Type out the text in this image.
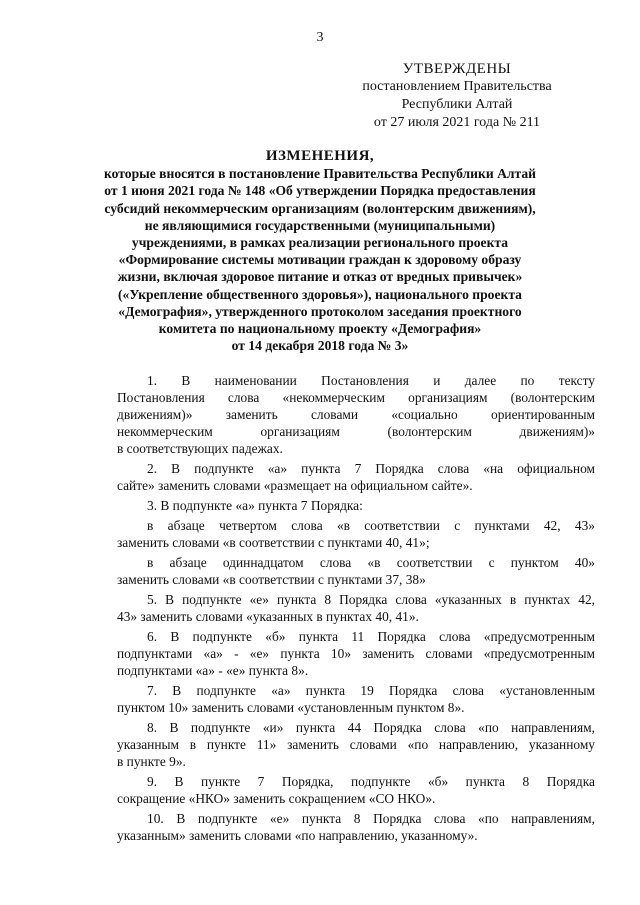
3
УТВЕРЖДЕНЫ
постановлением Правительства
Республики Алтай
от 27 июля 2021 года № 211
ИЗМЕНЕНИЯ,
которые вносятся в постановление Правительства Республики Алтай
от 1 июня 2021 года № 148 «Об утверждении Порядка предоставления
субсидий некоммерческим организациям (волонтерским движениям),
не являющимися государственными (муниципальными)
учреждениями, в рамках реализации регионального проекта
«Формирование системы мотивации граждан к здоровому образу
жизни, включая здоровое питание и отказ от вредных привычек»
(«Укрепление общественного здоровья»), национального проекта
«Демография», утвержденного протоколом заседания проектного
комитета по национальному проекту «Демография»
от 14 декабря 2018 года № 3»
1. В наименовании Постановления и далее по тексту
Постановления слова «некоммерческим организациям (волонтерским
движениям)» заменить словами «социально ориентированным
некоммерческим организациям (волонтерским движениям)»
в соответствующих падежах.
2. В подпункте «а» пункта 7 Порядка слова «на официальном
сайте» заменить словами «размещает на официальном сайте».
3. В подпункте «а» пункта 7 Порядка:
в абзаце четвертом слова «в соответствии с пунктами 42, 43»
заменить словами «в соответствии с пунктами 40, 41»;
в абзаце одиннадцатом слова «в соответствии с пунктом 40»
заменить словами «в соответствии с пунктами 37, 38»
5. В подпункте «е» пункта 8 Порядка слова «указанных в пунктах 42,
43» заменить словами «указанных в пунктах 40, 41».
6. В подпункте «б» пункта 11 Порядка слова «предусмотренным
подпунктами «а» - «е» пункта 10» заменить словами «предусмотренным
подпунктами «а» - «е» пункта 8».
7. В подпункте «а» пункта 19 Порядка слова «установленным
пунктом 10» заменить словами «установленным пунктом 8».
8. В подпункте «и» пункта 44 Порядка слова «по направлениям,
указанным в пункте 11» заменить словами «по направлению, указанному
в пункте 9».
9. В пункте 7 Порядка, подпункте «б» пункта 8 Порядка
сокращение «НКО» заменить сокращением «СО НКО».
10. В подпункте «е» пункта 8 Порядка слова «по направлениям,
указанным» заменить словами «по направлению, указанному».
